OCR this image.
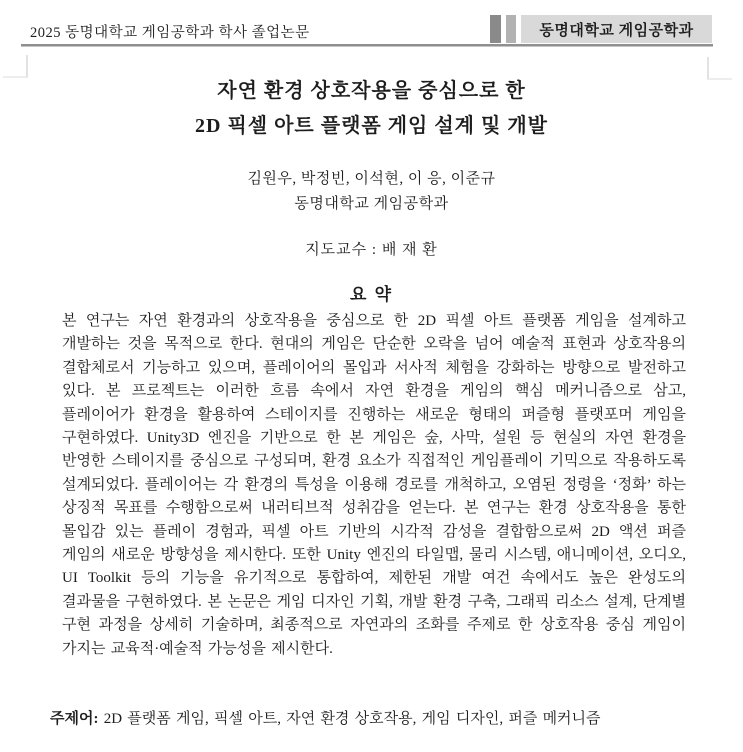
2025 동명대학교 게임공학과 학사 졸업논문	동명대학교 게임공학과
자연 환경 상호작용을 중심으로 한
2D 픽셀 아트 플랫폼 게임 설계 및 개발
김원우, 박정빈, 이석현, 이 응, 이준규
동명대학교 게임공학과
지도교수 : 배 재 환
요 약
본 연구는 자연 환경과의 상호작용을 중심으로 한 2D 픽셀 아트 플랫폼 게임을 설계하고 개발하는 것을 목적으로 한다. 현대의 게임은 단순한 오락을 넘어 예술적 표현과 상호작용의 결합체로서 기능하고 있으며, 플레이어의 몰입과 서사적 체험을 강화하는 방향으로 발전하고 있다. 본 프로젝트는 이러한 흐름 속에서 자연 환경을 게임의 핵심 메커니즘으로 삼고, 플레이어가 환경을 활용하여 스테이지를 진행하는 새로운 형태의 퍼즐형 플랫포머 게임을 구현하였다. Unity3D 엔진을 기반으로 한 본 게임은 숲, 사막, 설원 등 현실의 자연 환경을 반영한 스테이지를 중심으로 구성되며, 환경 요소가 직접적인 게임플레이 기믹으로 작용하도록 설계되었다. 플레이어는 각 환경의 특성을 이용해 경로를 개척하고, 오염된 정령을 ‘정화’ 하는 상징적 목표를 수행함으로써 내러티브적 성취감을 얻는다. 본 연구는 환경 상호작용을 통한 몰입감 있는 플레이 경험과, 픽셀 아트 기반의 시각적 감성을 결합함으로써 2D 액션 퍼즐 게임의 새로운 방향성을 제시한다. 또한 Unity 엔진의 타일맵, 물리 시스템, 애니메이션, 오디오, UI Toolkit 등의 기능을 유기적으로 통합하여, 제한된 개발 여건 속에서도 높은 완성도의 결과물을 구현하였다. 본 논문은 게임 디자인 기획, 개발 환경 구축, 그래픽 리소스 설계, 단계별 구현 과정을 상세히 기술하며, 최종적으로 자연과의 조화를 주제로 한 상호작용 중심 게임이 가지는 교육적·예술적 가능성을 제시한다.
주제어: 2D 플랫폼 게임, 픽셀 아트, 자연 환경 상호작용, 게임 디자인, 퍼즐 메커니즘
